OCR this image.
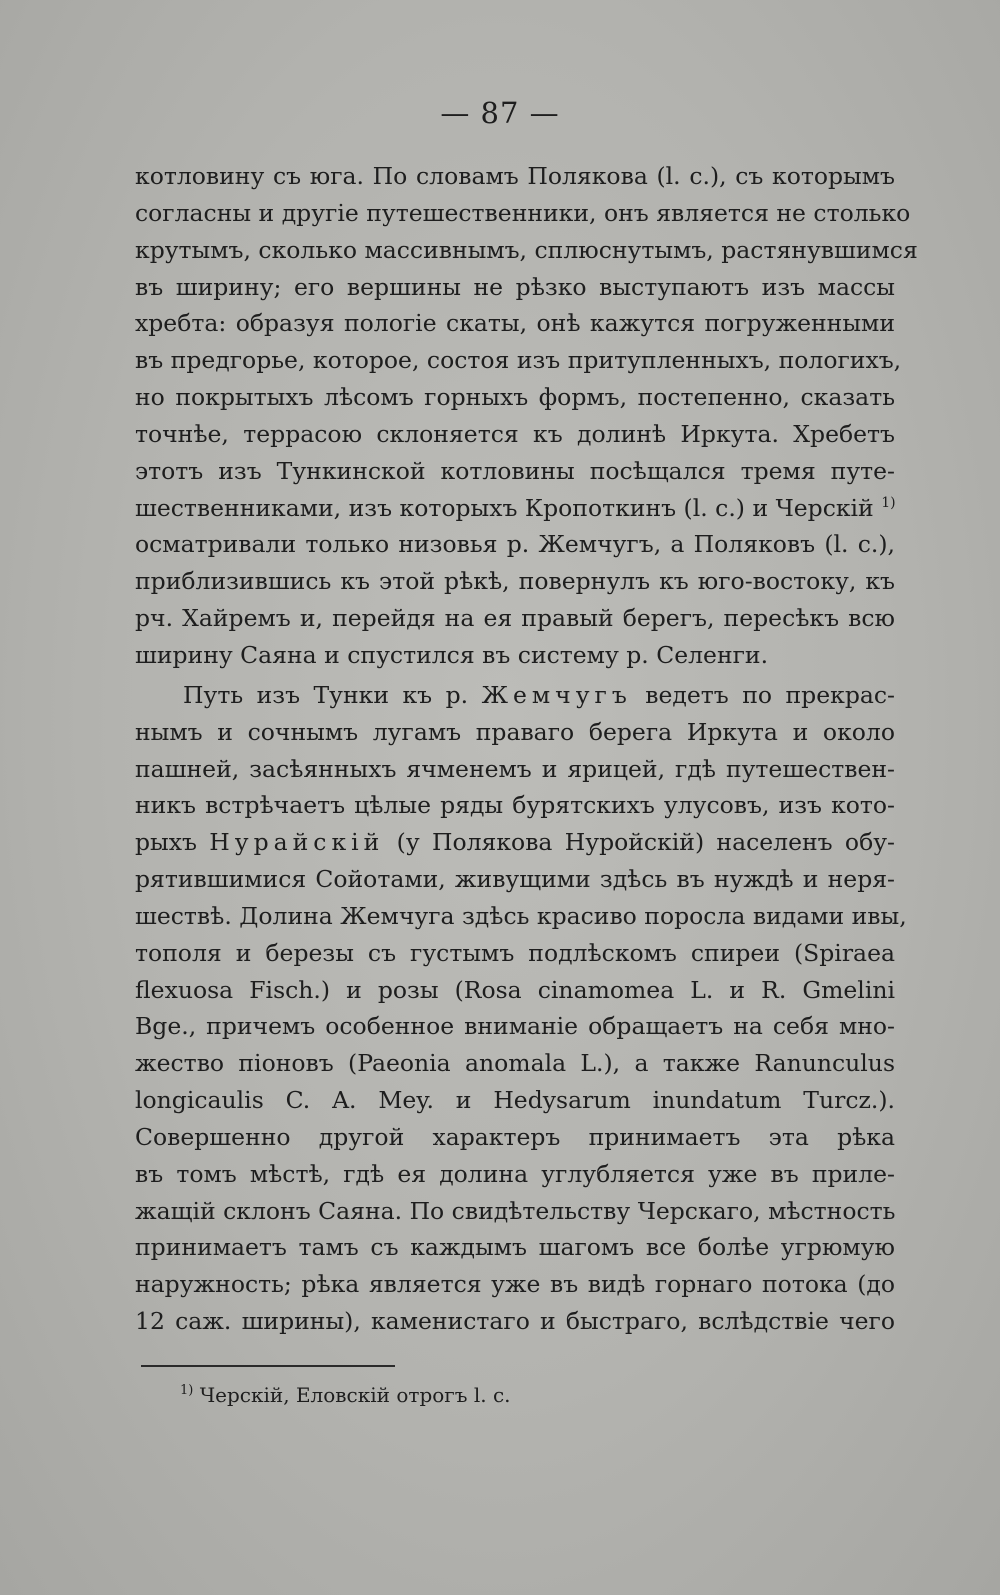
— 87 —
котловину съ юга. По словамъ Полякова (l. c.), съ которымъ
согласны и другіе путешественники, онъ является не столько
крутымъ, сколько массивнымъ, сплюснутымъ, растянувшимся
въ ширину; его вершины не рѣзко выступаютъ изъ массы
хребта: образуя пологіе скаты, онѣ кажутся погруженными
въ предгорье, которое, состоя изъ притупленныхъ, пологихъ,
но покрытыхъ лѣсомъ горныхъ формъ, постепенно, сказать
точнѣе, террасою склоняется къ долинѣ Иркута. Хребетъ
этотъ изъ Тункинской котловины посѣщался тремя путе-
шественниками, изъ которыхъ Кропоткинъ (l. c.) и Черскій $^{1)}$
осматривали только низовья р. Жемчугъ, а Поляковъ (l. c.),
приблизившись къ этой рѣкѣ, повернулъ къ юго-востоку, къ
рч. Хайремъ и, перейдя на ея правый берегъ, пересѣкъ всю
ширину Саяна и спустился въ систему р. Селенги.
Путь изъ Тунки къ р. Жемчугъ ведетъ по прекрас-
нымъ и сочнымъ лугамъ праваго берега Иркута и около
пашней, засѣянныхъ ячменемъ и ярицей, гдѣ путешествен-
никъ встрѣчаетъ цѣлые ряды бурятскихъ улусовъ, изъ кото-
рыхъ Нурайскій (у Полякова Нуройскій) населенъ обу-
рятившимися Сойотами, живущими здѣсь въ нуждѣ и неря-
шествѣ. Долина Жемчуга здѣсь красиво поросла видами ивы,
тополя и березы съ густымъ подлѣскомъ спиреи (Spiraea
flexuosa Fisch.) и розы (Rosa cinamomea L. и R. Gmelini
Bge., причемъ особенное вниманіе обращаетъ на себя мно-
жество піоновъ (Paeonia anomala L.), а также Ranunculus
longicaulis C. A. Mey. и Hedysarum inundatum Turcz.).
Совершенно другой характеръ принимаетъ эта рѣка
въ томъ мѣстѣ, гдѣ ея долина углубляется уже въ приле-
жащій склонъ Саяна. По свидѣтельству Черскаго, мѣстность
принимаетъ тамъ съ каждымъ шагомъ все болѣе угрюмую
наружность; рѣка является уже въ видѣ горнаго потока (до
12 саж. ширины), каменистаго и быстраго, вслѣдствіе чего
$^{1)}$ Черскій, Еловскій отрогъ l. c.
